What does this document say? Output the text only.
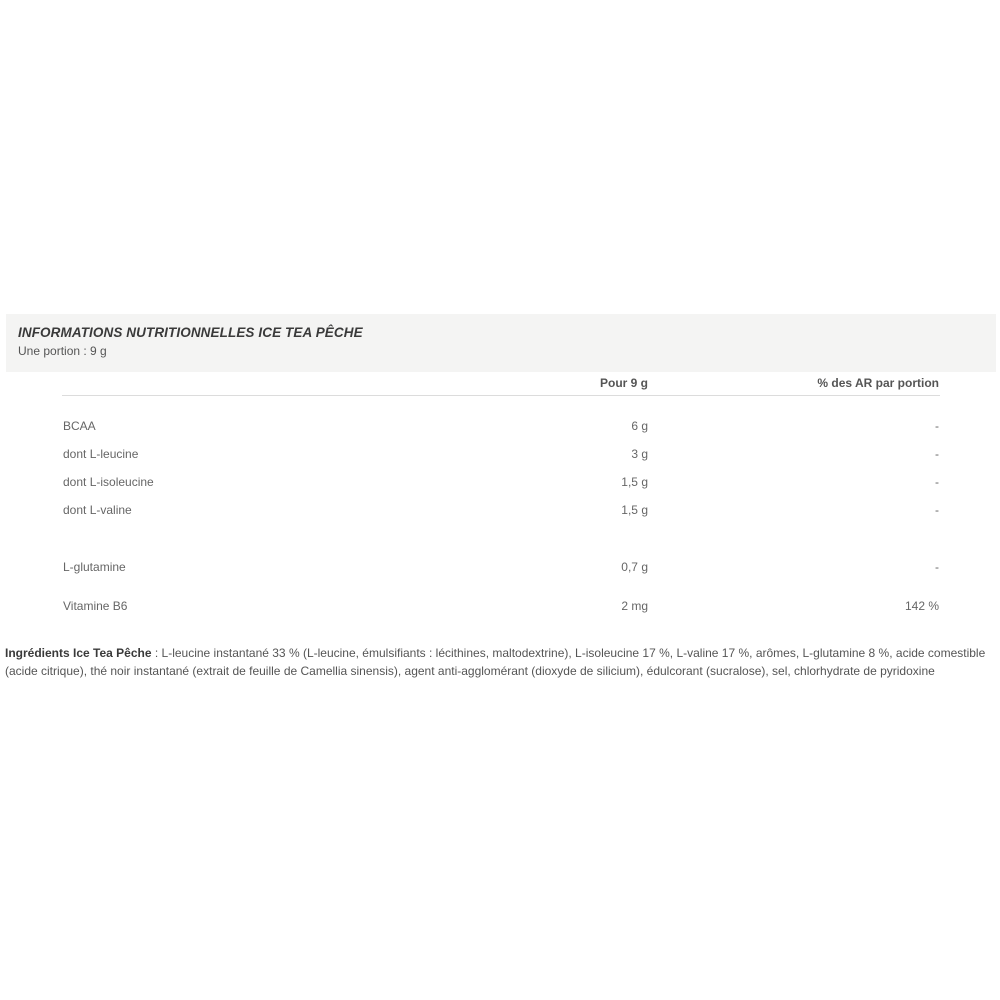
INFORMATIONS NUTRITIONNELLES ICE TEA PÊCHE
Une portion : 9 g
Pour 9 g	% des AR par portion
BCAA	6 g	-
dont L-leucine	3 g	-
dont L-isoleucine	1,5 g	-
dont L-valine	1,5 g	-
L-glutamine	0,7 g	-
Vitamine B6	2 mg	142 %
Ingrédients Ice Tea Pêche : L-leucine instantané 33 % (L-leucine, émulsifiants : lécithines, maltodextrine), L-isoleucine 17 %, L-valine 17 %, arômes, L-glutamine 8 %, acide comestible (acide citrique), thé noir instantané (extrait de feuille de Camellia sinensis), agent anti-agglomérant (dioxyde de silicium), édulcorant (sucralose), sel, chlorhydrate de pyridoxine
